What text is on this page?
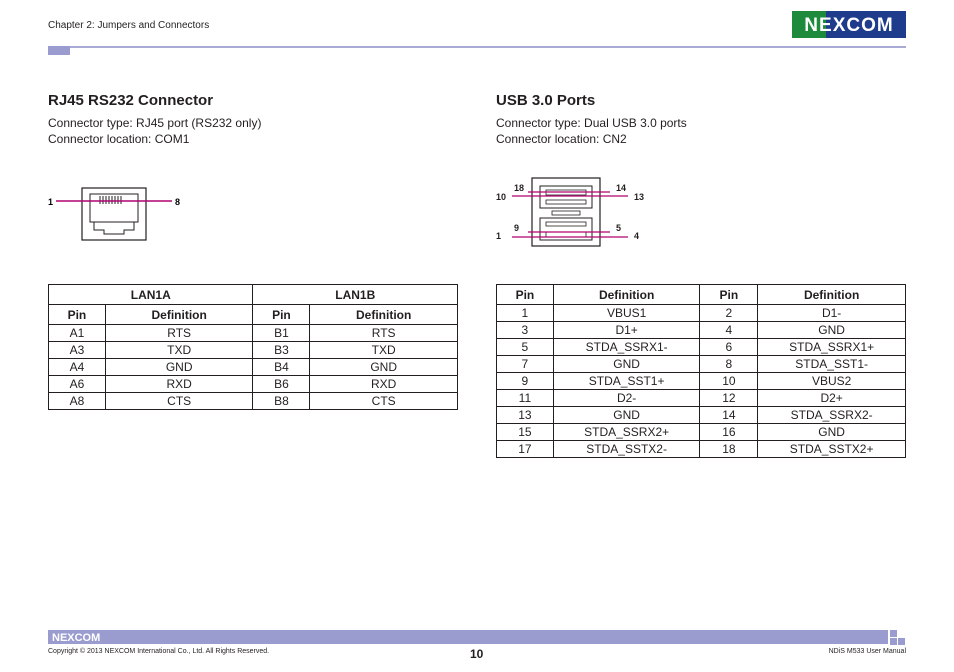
Chapter 2: Jumpers and Connectors	NEXCOM
RJ45 RS232 Connector
Connector type: RJ45 port (RS232 only)
Connector location: COM1
1	8
LAN1A		LAN1B	
Pin	Definition	Pin	Definition
A1	RTS	B1	RTS
A3	TXD	B3	TXD
A4	GND	B4	GND
A6	RXD	B6	RXD
A8	CTS	B8	CTS
USB 3.0 Ports
Connector type: Dual USB 3.0 ports
Connector location: CN2
18	14
10	13
9	5
1	4
Pin	Definition	Pin	Definition
1	VBUS1	2	D1-
3	D1+	4	GND
5	STDA_SSRX1-	6	STDA_SSRX1+
7	GND	8	STDA_SST1-
9	STDA_SST1+	10	VBUS2
11	D2-	12	D2+
13	GND	14	STDA_SSRX2-
15	STDA_SSRX2+	16	GND
17	STDA_SSTX2-	18	STDA_SSTX2+
NEXCOM
Copyright © 2013 NEXCOM International Co., Ltd. All Rights Reserved.	10	NDiS M533 User Manual
